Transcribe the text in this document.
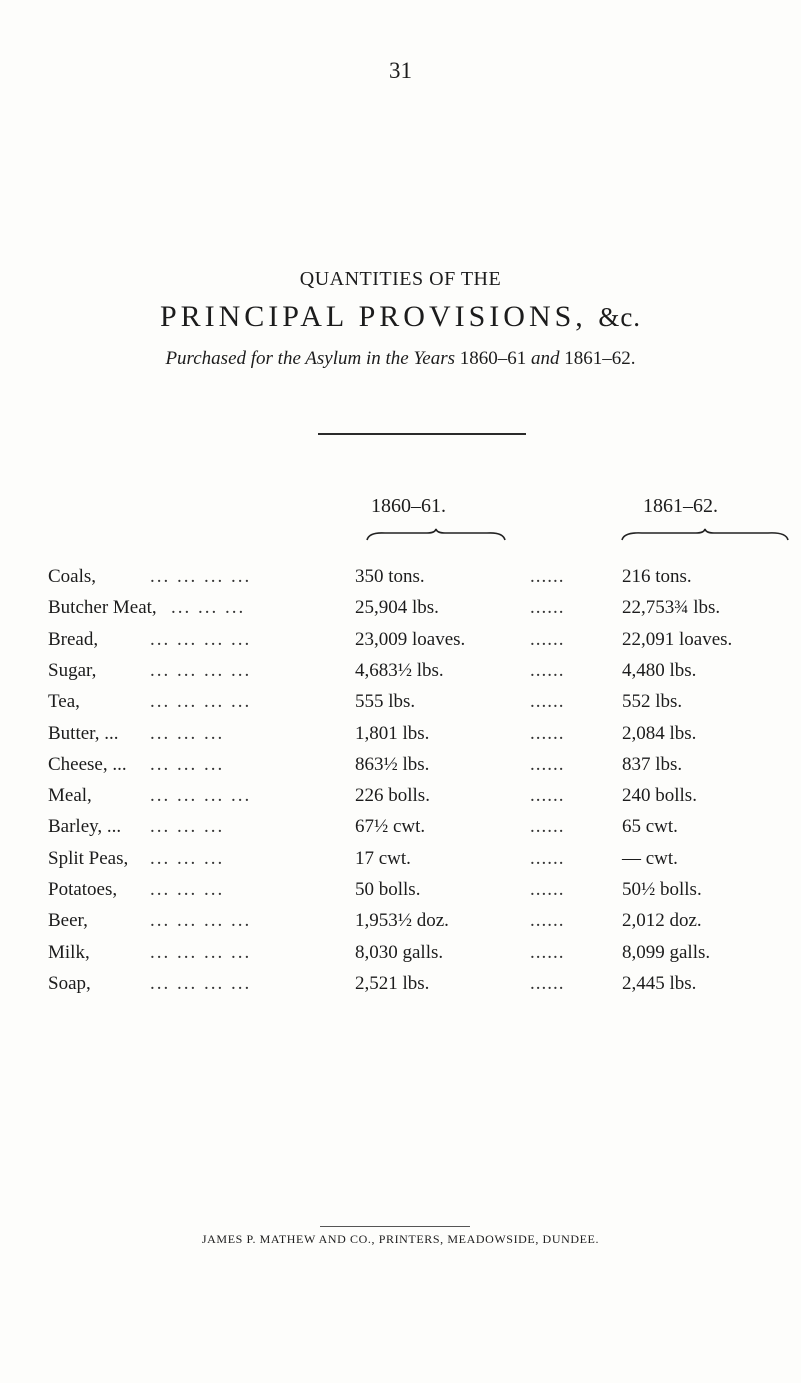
31
QUANTITIES OF THE
PRINCIPAL PROVISIONS, &c.
Purchased for the Asylum in the Years 1860–61 and 1861–62.
1860–61.	1861–62.
Coals,	... ... ... ...	350 tons.	......	216 tons.
Butcher Meat, ... ... ...	25,904 lbs.	......	22,753¾ lbs.
Bread,	... ... ... ...	23,009 loaves.	......	22,091 loaves.
Sugar,	... ... ... ...	4,683½ lbs.	......	4,480 lbs.
Tea,	... ... ... ...	555 lbs.	......	552 lbs.
Butter, ... ... ... ...	1,801 lbs.	......	2,084 lbs.
Cheese, ... ... ... ...	863½ lbs.	......	837 lbs.
Meal,	... ... ... ...	226 bolls.	......	240 bolls.
Barley, ... ... ... ...	67½ cwt.	......	65 cwt.
Split Peas, ... ... ...	17 cwt.	......	— cwt.
Potatoes, ... ... ...	50 bolls.	......	50½ bolls.
Beer,	... ... ... ...	1,953½ doz.	......	2,012 doz.
Milk,	... ... ... ...	8,030 galls.	......	8,099 galls.
Soap,	... ... ... ...	2,521 lbs.	......	2,445 lbs.
JAMES P. MATHEW AND CO., PRINTERS, MEADOWSIDE, DUNDEE.
